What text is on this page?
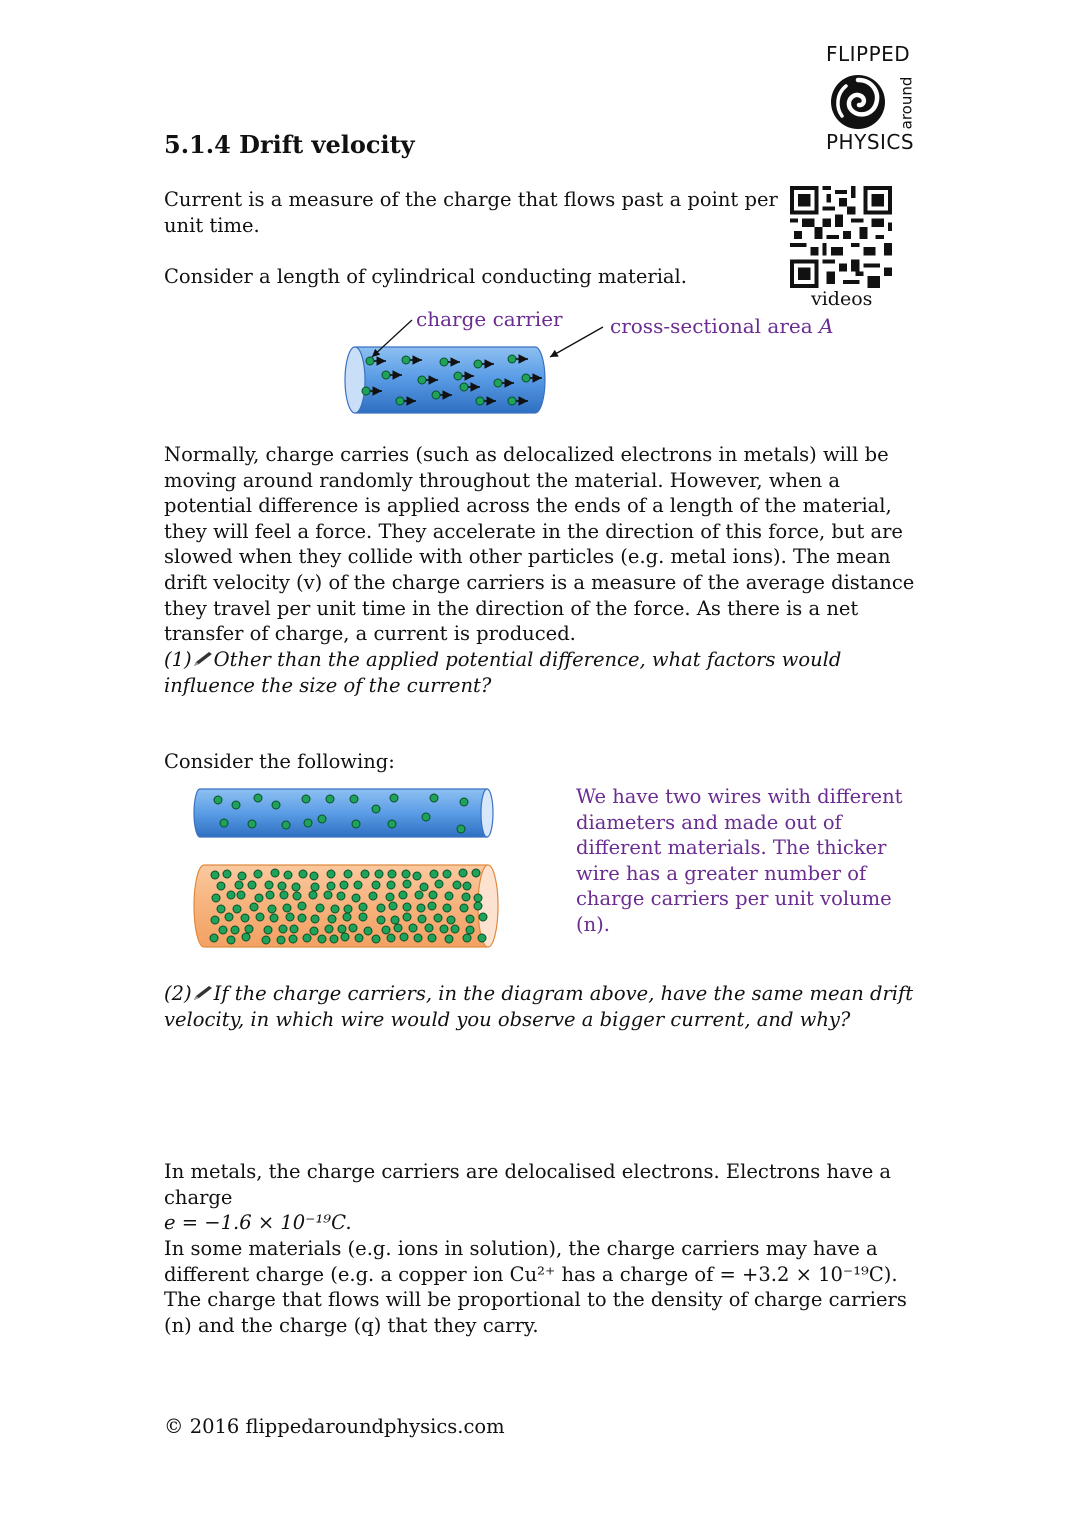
FLIPPED
around
PHYSICS
5.1.4 Drift velocity
videos
Current is a measure of the charge that flows past a point per unit time.
Consider a length of cylindrical conducting material.
charge carrier cross-sectional area A
Normally, charge carries (such as delocalized electrons in metals) will be moving around randomly throughout the material. However, when a potential difference is applied across the ends of a length of the material, they will feel a force. They accelerate in the direction of this force, but are slowed when they collide with other particles (e.g. metal ions). The mean drift velocity (v) of the charge carriers is a measure of the average distance they travel per unit time in the direction of the force. As there is a net transfer of charge, a current is produced.
(1) Other than the applied potential difference, what factors would influence the size of the current?
Consider the following:
We have two wires with different diameters and made out of different materials. The thicker wire has a greater number of charge carriers per unit volume (n).
(2) If the charge carriers, in the diagram above, have the same mean drift velocity, in which wire would you observe a bigger current, and why?
In metals, the charge carriers are delocalised electrons. Electrons have a charge
e = −1.6 × 10⁻¹⁹C.
In some materials (e.g. ions in solution), the charge carriers may have a different charge (e.g. a copper ion Cu²⁺ has a charge of = +3.2 × 10⁻¹⁹C). The charge that flows will be proportional to the density of charge carriers (n) and the charge (q) that they carry.
© 2016 flippedaroundphysics.com
